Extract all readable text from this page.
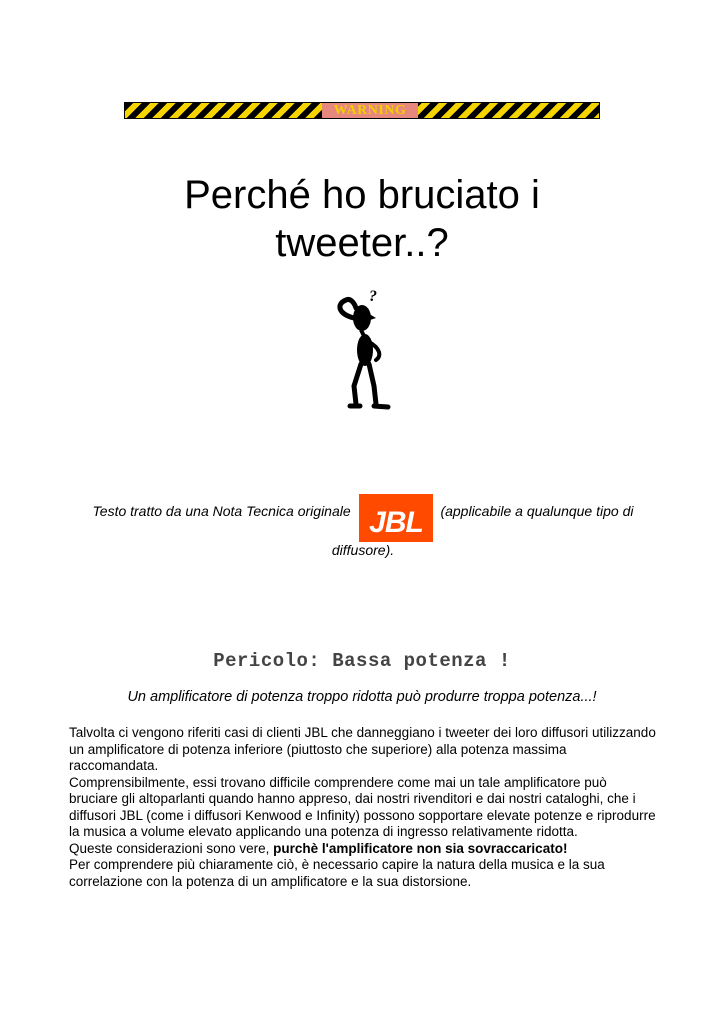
WARNING
Perché ho bruciato i
tweeter..?
?
Testo tratto da una Nota Tecnica originale JBL (applicabile a qualunque tipo di diffusore).
Pericolo: Bassa potenza !

Un amplificatore di potenza troppo ridotta può produrre troppa potenza...!

Talvolta ci vengono riferiti casi di clienti JBL che danneggiano i tweeter dei loro diffusori utilizzando un amplificatore di potenza inferiore (piuttosto che superiore) alla potenza massima raccomandata.

Comprensibilmente, essi trovano difficile comprendere come mai un tale amplificatore può bruciare gli altoparlanti quando hanno appreso, dai nostri rivenditori e dai nostri cataloghi, che i diffusori JBL (come i diffusori Kenwood e Infinity) possono sopportare elevate potenze e riprodurre la musica a volume elevato applicando una potenza di ingresso relativamente ridotta.

Queste considerazioni sono vere, purchè l'amplificatore non sia sovraccaricato!

Per comprendere più chiaramente ciò, è necessario capire la natura della musica e la sua correlazione con la potenza di un amplificatore e la sua distorsione.
